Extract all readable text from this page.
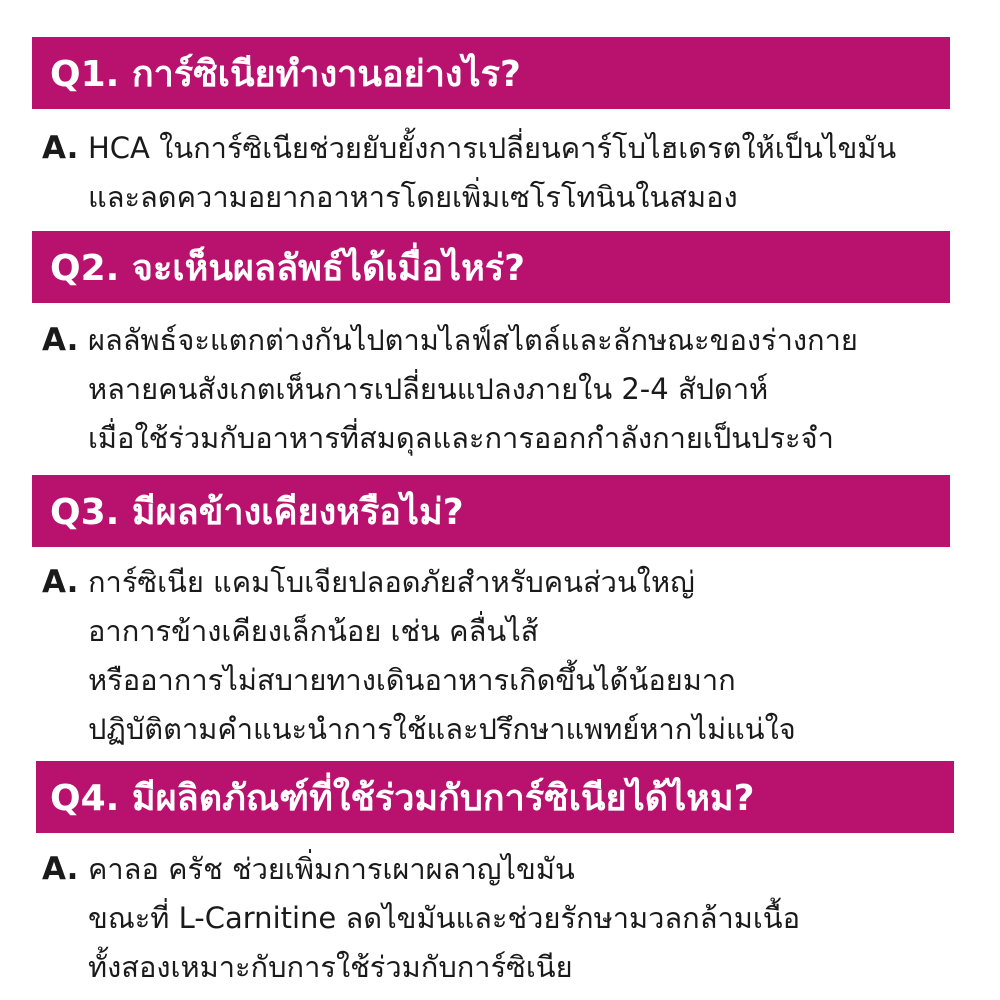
Q1. การ์ซิเนียทำงานอย่างไร?
A. HCA ในการ์ซิเนียช่วยยับยั้งการเปลี่ยนคาร์โบไฮเดรตให้เป็นไขมัน
และลดความอยากอาหารโดยเพิ่มเซโรโทนินในสมอง
Q2. จะเห็นผลลัพธ์ได้เมื่อไหร่?
A. ผลลัพธ์จะแตกต่างกันไปตามไลฟ์สไตล์และลักษณะของร่างกาย
หลายคนสังเกตเห็นการเปลี่ยนแปลงภายใน 2-4 สัปดาห์
เมื่อใช้ร่วมกับอาหารที่สมดุลและการออกกำลังกายเป็นประจำ
Q3. มีผลข้างเคียงหรือไม่?
A. การ์ซิเนีย แคมโบเจียปลอดภัยสำหรับคนส่วนใหญ่
อาการข้างเคียงเล็กน้อย เช่น คลื่นไส้
หรืออาการไม่สบายทางเดินอาหารเกิดขึ้นได้น้อยมาก
ปฏิบัติตามคำแนะนำการใช้และปรึกษาแพทย์หากไม่แน่ใจ
Q4. มีผลิตภัณฑ์ที่ใช้ร่วมกับการ์ซิเนียได้ไหม?
A. คาลอ ครัช ช่วยเพิ่มการเผาผลาญไขมัน
ขณะที่ L-Carnitine ลดไขมันและช่วยรักษามวลกล้ามเนื้อ
ทั้งสองเหมาะกับการใช้ร่วมกับการ์ซิเนีย
